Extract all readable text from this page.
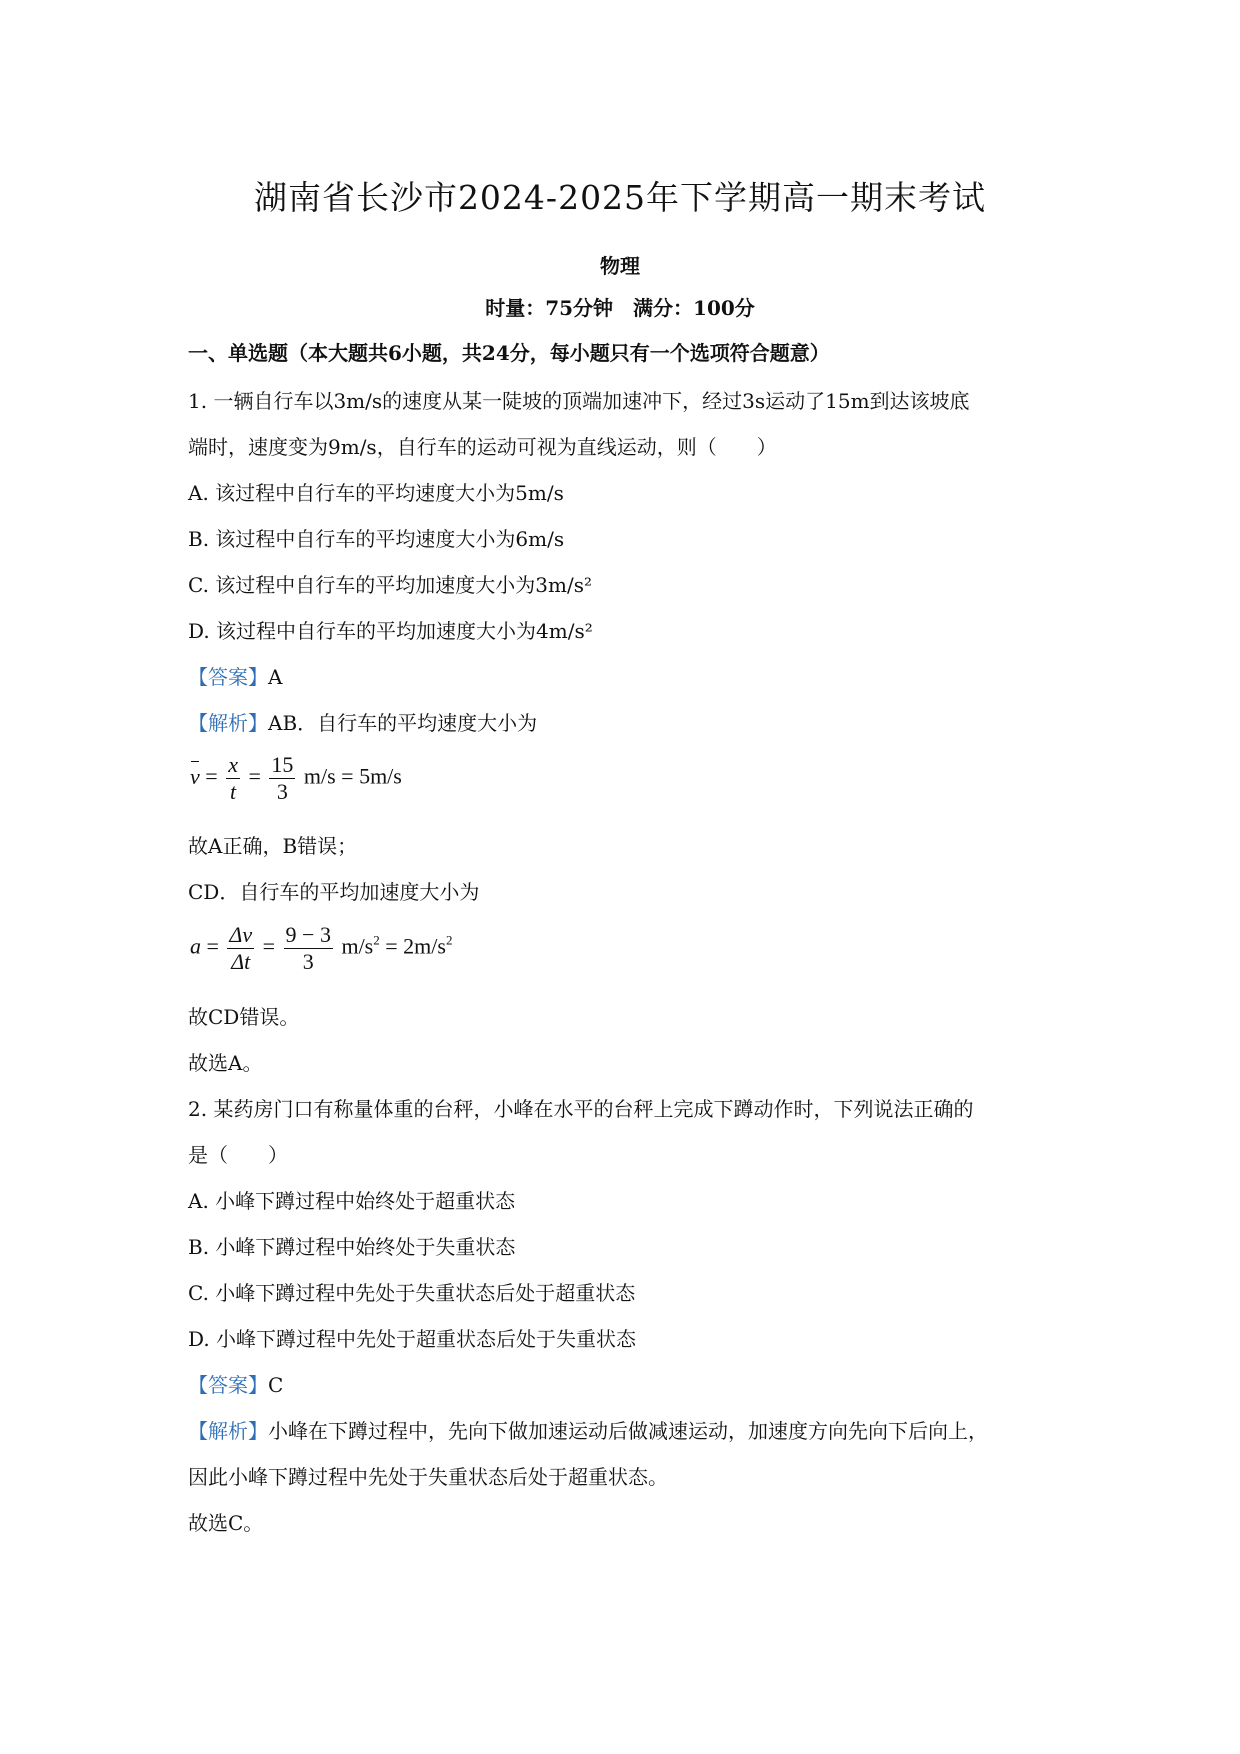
湖南省长沙市2024-2025年下学期高一期末考试
物理
时量：75分钟　满分：100分
一、单选题（本大题共6小题，共24分，每小题只有一个选项符合题意）
1. 一辆自行车以3m/s的速度从某一陡坡的顶端加速冲下，经过3s运动了15m到达该坡底
端时，速度变为9m/s，自行车的运动可视为直线运动，则（　　）
A. 该过程中自行车的平均速度大小为5m/s
B. 该过程中自行车的平均速度大小为6m/s
C. 该过程中自行车的平均加速度大小为3m/s²
D. 该过程中自行车的平均加速度大小为4m/s²
【答案】A
【解析】AB．自行车的平均速度大小为
$v = \frac{x}{t} = \frac{15}{3} m/s = 5m/s$
故A正确，B错误；
CD．自行车的平均加速度大小为
$a = \frac{\Delta v}{\Delta t} = \frac{9 - 3}{3} m/s^2 = 2m/s^2$
故CD错误。
故选A。
2. 某药房门口有称量体重的台秤，小峰在水平的台秤上完成下蹲动作时，下列说法正确的
是（　　）
A. 小峰下蹲过程中始终处于超重状态
B. 小峰下蹲过程中始终处于失重状态
C. 小峰下蹲过程中先处于失重状态后处于超重状态
D. 小峰下蹲过程中先处于超重状态后处于失重状态
【答案】C
【解析】小峰在下蹲过程中，先向下做加速运动后做减速运动，加速度方向先向下后向上，
因此小峰下蹲过程中先处于失重状态后处于超重状态。
故选C。
